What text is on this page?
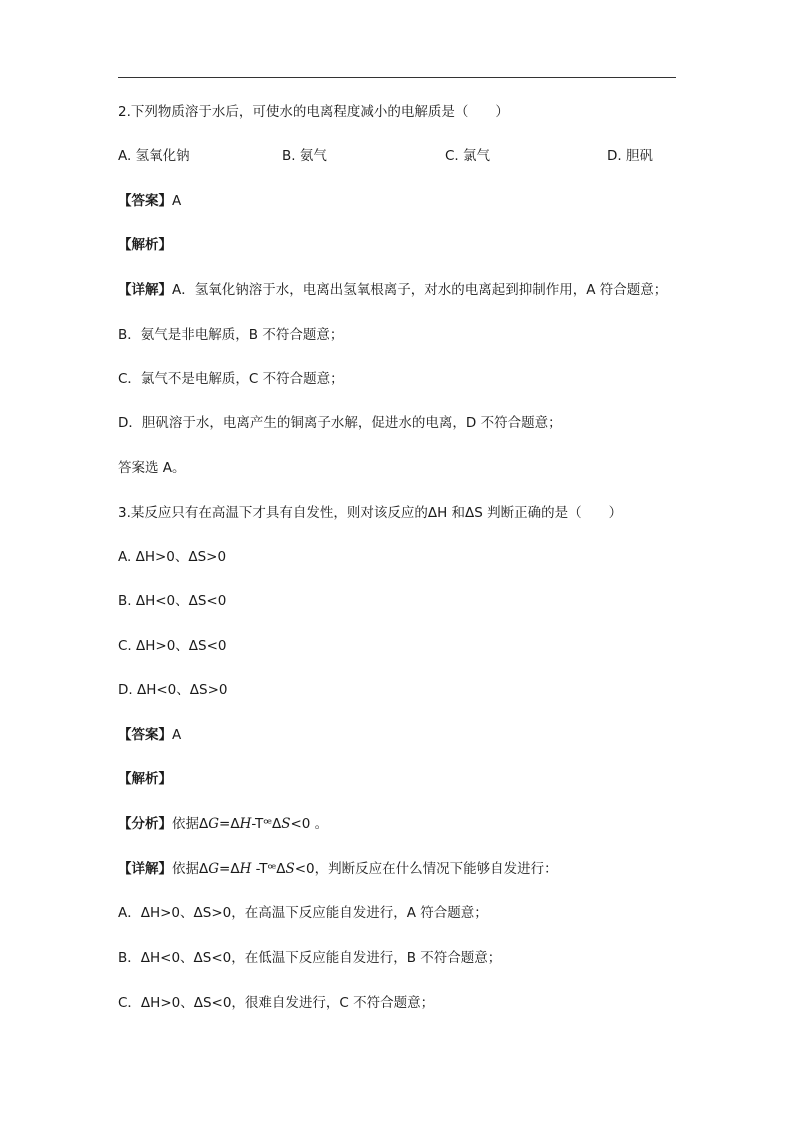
2.下列物质溶于水后，可使水的电离程度减小的电解质是（　　）
A. 氢氧化钠	B. 氨气	C. 氯气	D. 胆矾
【答案】A
【解析】
【详解】A．氢氧化钠溶于水，电离出氢氧根离子，对水的电离起到抑制作用，A 符合题意；
B．氨气是非电解质，B 不符合题意；
C．氯气不是电解质，C 不符合题意；
D．胆矾溶于水，电离产生的铜离子水解，促进水的电离，D 不符合题意；
答案选 A。
3.某反应只有在高温下才具有自发性，则对该反应的ΔH 和ΔS 判断正确的是（　　）
A. ΔH>0、ΔS>0
B. ΔH<0、ΔS<0
C. ΔH>0、ΔS<0
D. ΔH<0、ΔS>0
【答案】A
【解析】
【分析】依据ΔG=ΔH-TꟹΔS<0 。
【详解】依据ΔG=ΔH -TꟹΔS<0，判断反应在什么情况下能够自发进行：
A．ΔH>0、ΔS>0，在高温下反应能自发进行，A 符合题意；
B．ΔH<0、ΔS<0，在低温下反应能自发进行，B 不符合题意；
C．ΔH>0、ΔS<0，很难自发进行，C 不符合题意；
